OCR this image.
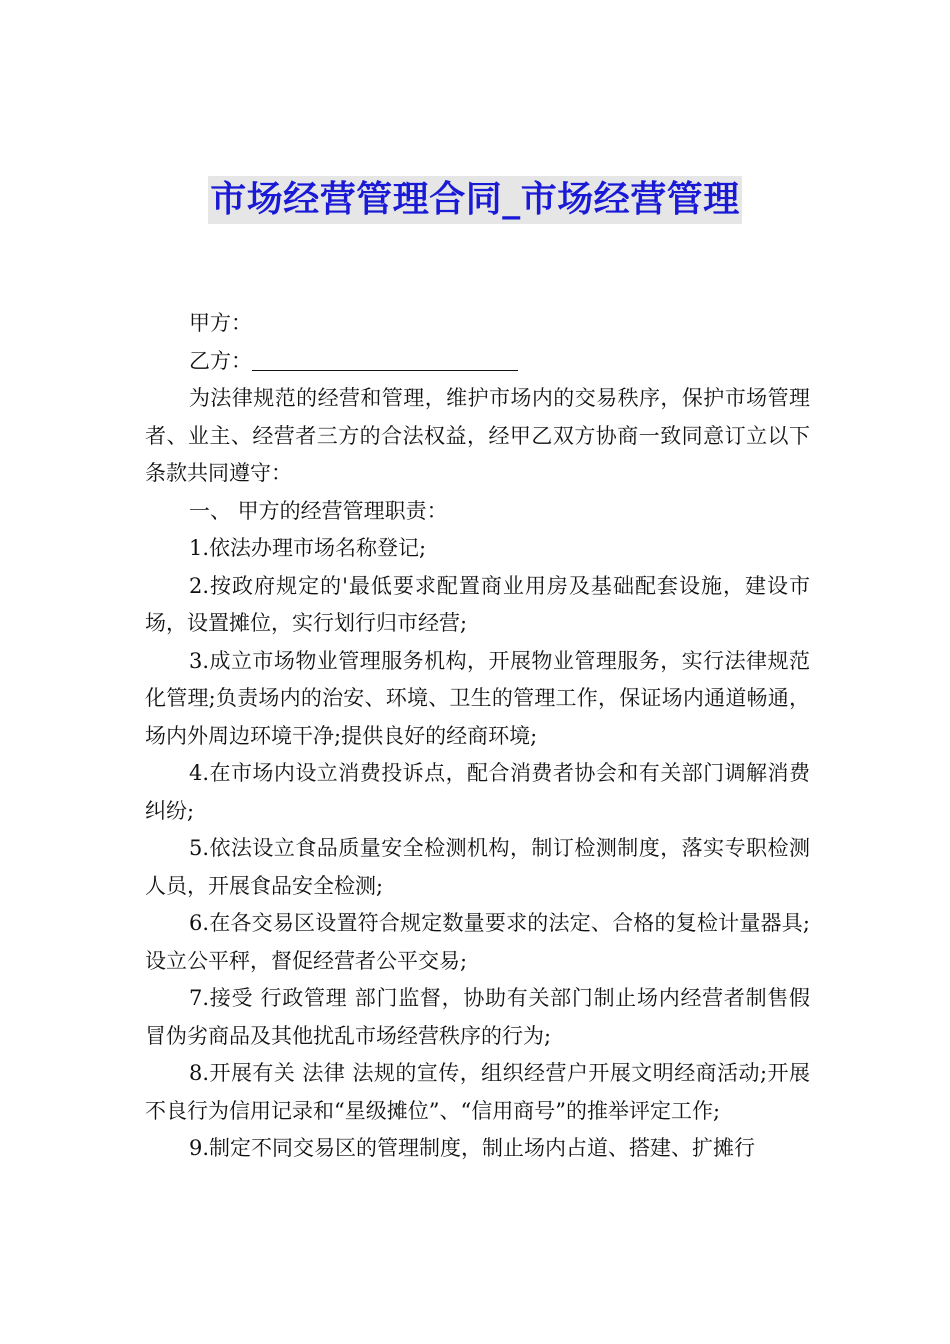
市场经营管理合同_市场经营管理

甲方：

乙方：

为法律规范的经营和管理，维护市场内的交易秩序，保护市场管理者、业主、经营者三方的合法权益，经甲乙双方协商一致同意订立以下条款共同遵守：

一、 甲方的经营管理职责：

1.依法办理市场名称登记;

2.按政府规定的'最低要求配置商业用房及基础配套设施，建设市场，设置摊位，实行划行归市经营;

3.成立市场物业管理服务机构，开展物业管理服务，实行法律规范化管理;负责场内的治安、环境、卫生的管理工作，保证场内通道畅通，场内外周边环境干净;提供良好的经商环境;

4.在市场内设立消费投诉点，配合消费者协会和有关部门调解消费纠纷;

5.依法设立食品质量安全检测机构，制订检测制度，落实专职检测人员，开展食品安全检测;

6.在各交易区设置符合规定数量要求的法定、合格的复检计量器具;设立公平秤，督促经营者公平交易;

7.接受 行政管理 部门监督，协助有关部门制止场内经营者制售假冒伪劣商品及其他扰乱市场经营秩序的行为;

8.开展有关 法律 法规的宣传，组织经营户开展文明经商活动;开展不良行为信用记录和“星级摊位”、“信用商号”的推举评定工作;

9.制定不同交易区的管理制度，制止场内占道、搭建、扩摊行
